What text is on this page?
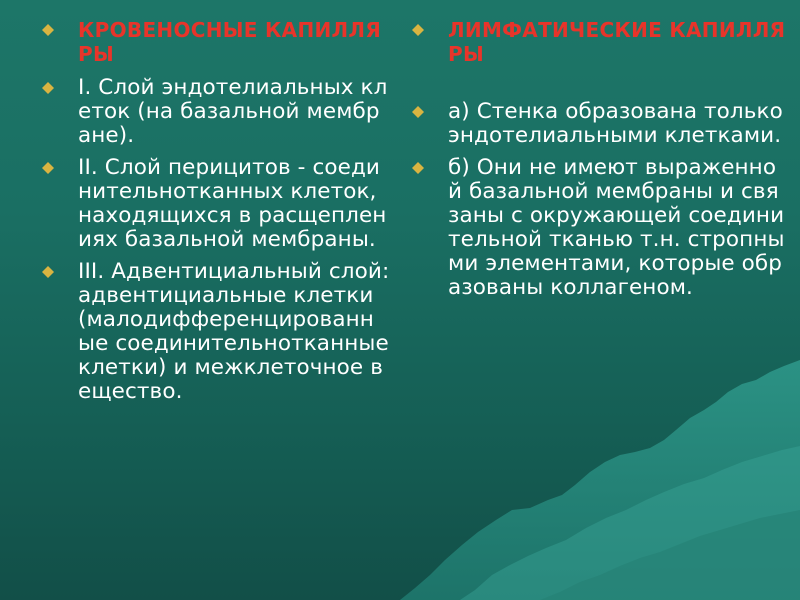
КРОВЕНОСНЫЕ КАПИЛЛЯРЫ
I. Слой эндотелиальных клеток (на базальной мембране).
II. Слой перицитов - соединительнотканных клеток, находящихся в расщеплениях базальной мембраны.
III. Адвентициальный слой: адвентициальные клетки (малодифференцированные соединительнотканные клетки) и межклеточное вещество.
ЛИМФАТИЧЕСКИЕ КАПИЛЛЯРЫ
а) Стенка образована только эндотелиальными клетками.
б) Они не имеют выраженной базальной мембраны и связаны с окружающей соединительной тканью т.н. стропными элементами, которые образованы коллагеном.
